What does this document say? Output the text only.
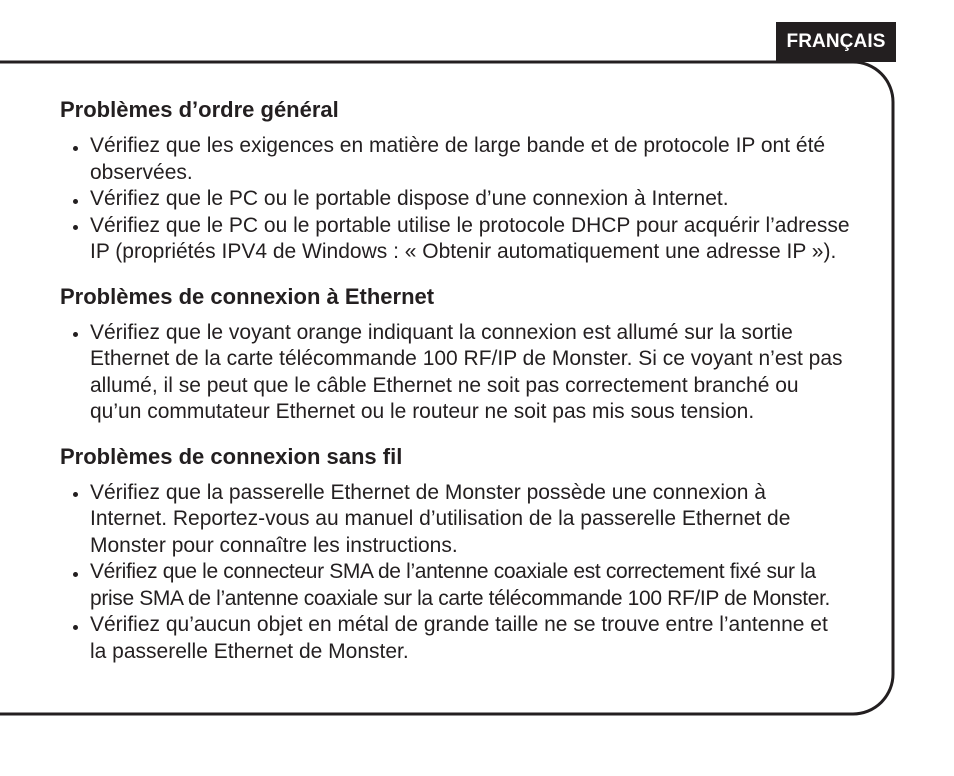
FRANÇAIS
Problèmes d’ordre général
Vérifiez que les exigences en matière de large bande et de protocole IP ont été
observées.
Vérifiez que le PC ou le portable dispose d’une connexion à Internet.
Vérifiez que le PC ou le portable utilise le protocole DHCP pour acquérir l’adresse
IP (propriétés IPV4 de Windows : « Obtenir automatiquement une adresse IP »).
Problèmes de connexion à Ethernet
Vérifiez que le voyant orange indiquant la connexion est allumé sur la sortie
Ethernet de la carte télécommande 100 RF/IP de Monster. Si ce voyant n’est pas
allumé, il se peut que le câble Ethernet ne soit pas correctement branché ou
qu’un commutateur Ethernet ou le routeur ne soit pas mis sous tension.
Problèmes de connexion sans fil
Vérifiez que la passerelle Ethernet de Monster possède une connexion à
Internet. Reportez-vous au manuel d’utilisation de la passerelle Ethernet de
Monster pour connaître les instructions.
Vérifiez que le connecteur SMA de l’antenne coaxiale est correctement fixé sur la
prise SMA de l’antenne coaxiale sur la carte télécommande 100 RF/IP de Monster.
Vérifiez qu’aucun objet en métal de grande taille ne se trouve entre l’antenne et
la passerelle Ethernet de Monster.
